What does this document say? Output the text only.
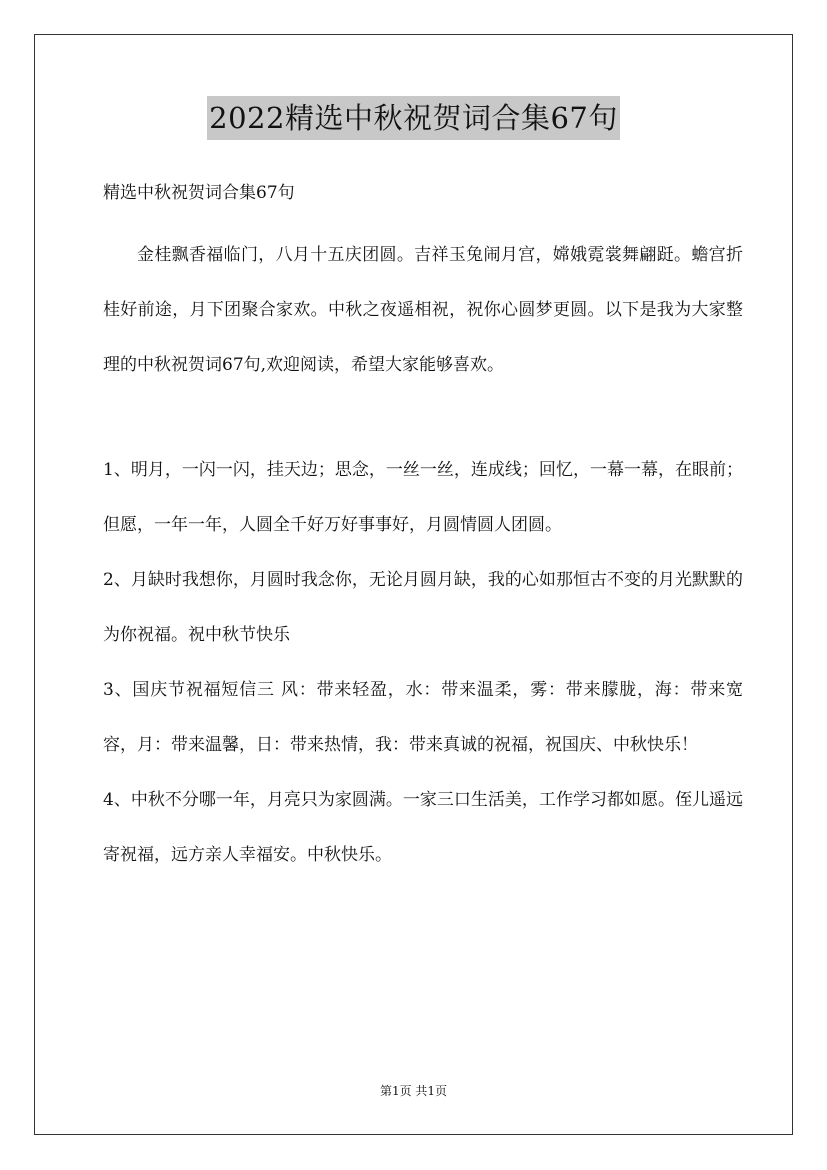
2022精选中秋祝贺词合集67句
精选中秋祝贺词合集67句

金桂飘香福临门，八月十五庆团圆。吉祥玉兔闹月宫，嫦娥霓裳舞翩跹。蟾宫折桂好前途，月下团聚合家欢。中秋之夜遥相祝，祝你心圆梦更圆。以下是我为大家整理的中秋祝贺词67句,欢迎阅读，希望大家能够喜欢。

1、明月，一闪一闪，挂天边；思念，一丝一丝，连成线；回忆，一幕一幕，在眼前；但愿，一年一年，人圆全千好万好事事好，月圆情圆人团圆。

2、月缺时我想你，月圆时我念你，无论月圆月缺，我的心如那恒古不变的月光默默的为你祝福。祝中秋节快乐

3、国庆节祝福短信三 风：带来轻盈，水：带来温柔，雾：带来朦胧，海：带来宽容，月：带来温馨，日：带来热情，我：带来真诚的祝福，祝国庆、中秋快乐！

4、中秋不分哪一年，月亮只为家圆满。一家三口生活美，工作学习都如愿。侄儿遥远寄祝福，远方亲人幸福安。中秋快乐。

第1页 共1页
